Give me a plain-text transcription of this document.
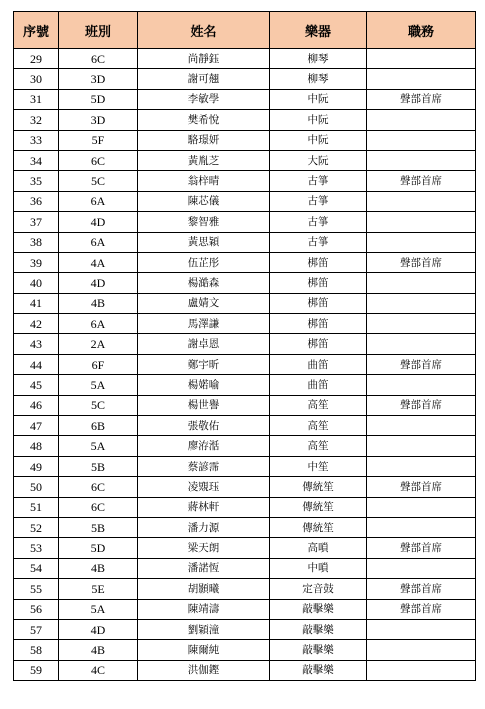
序號	班別	姓名	樂器	職務
29	6C	尚靜鈺	柳琴	
30	3D	謝可翹	柳琴	
31	5D	李敏學	中阮	聲部首席
32	3D	樊希悅	中阮	
33	5F	駱璟妍	中阮	
34	6C	黃胤芝	大阮	
35	5C	翁梓晴	古箏	聲部首席
36	6A	陳芯儀	古箏	
37	4D	黎智雅	古箏	
38	6A	黃思穎	古箏	
39	4A	伍芷彤	梆笛	聲部首席
40	4D	楊澔森	梆笛	
41	4B	盧婧文	梆笛	
42	6A	馬澤謙	梆笛	
43	2A	謝卓恩	梆笛	
44	6F	鄭宇昕	曲笛	聲部首席
45	5A	楊婼喻	曲笛	
46	5C	楊世譽	高笙	聲部首席
47	6B	張敬佑	高笙	
48	5A	廖洊湉	高笙	
49	5B	蔡諺霈	中笙	
50	6C	凌覭珏	傳統笙	聲部首席
51	6C	蔣林軒	傳統笙	
52	5B	潘力源	傳統笙	
53	5D	梁天朗	高嗩	聲部首席
54	4B	潘諾恆	中嗩	
55	5E	胡顥曦	定音鼓	聲部首席
56	5A	陳靖濤	敲擊樂	聲部首席
57	4D	劉穎潼	敲擊樂	
58	4B	陳爾純	敲擊樂	
59	4C	洪伽鏗	敲擊樂	
